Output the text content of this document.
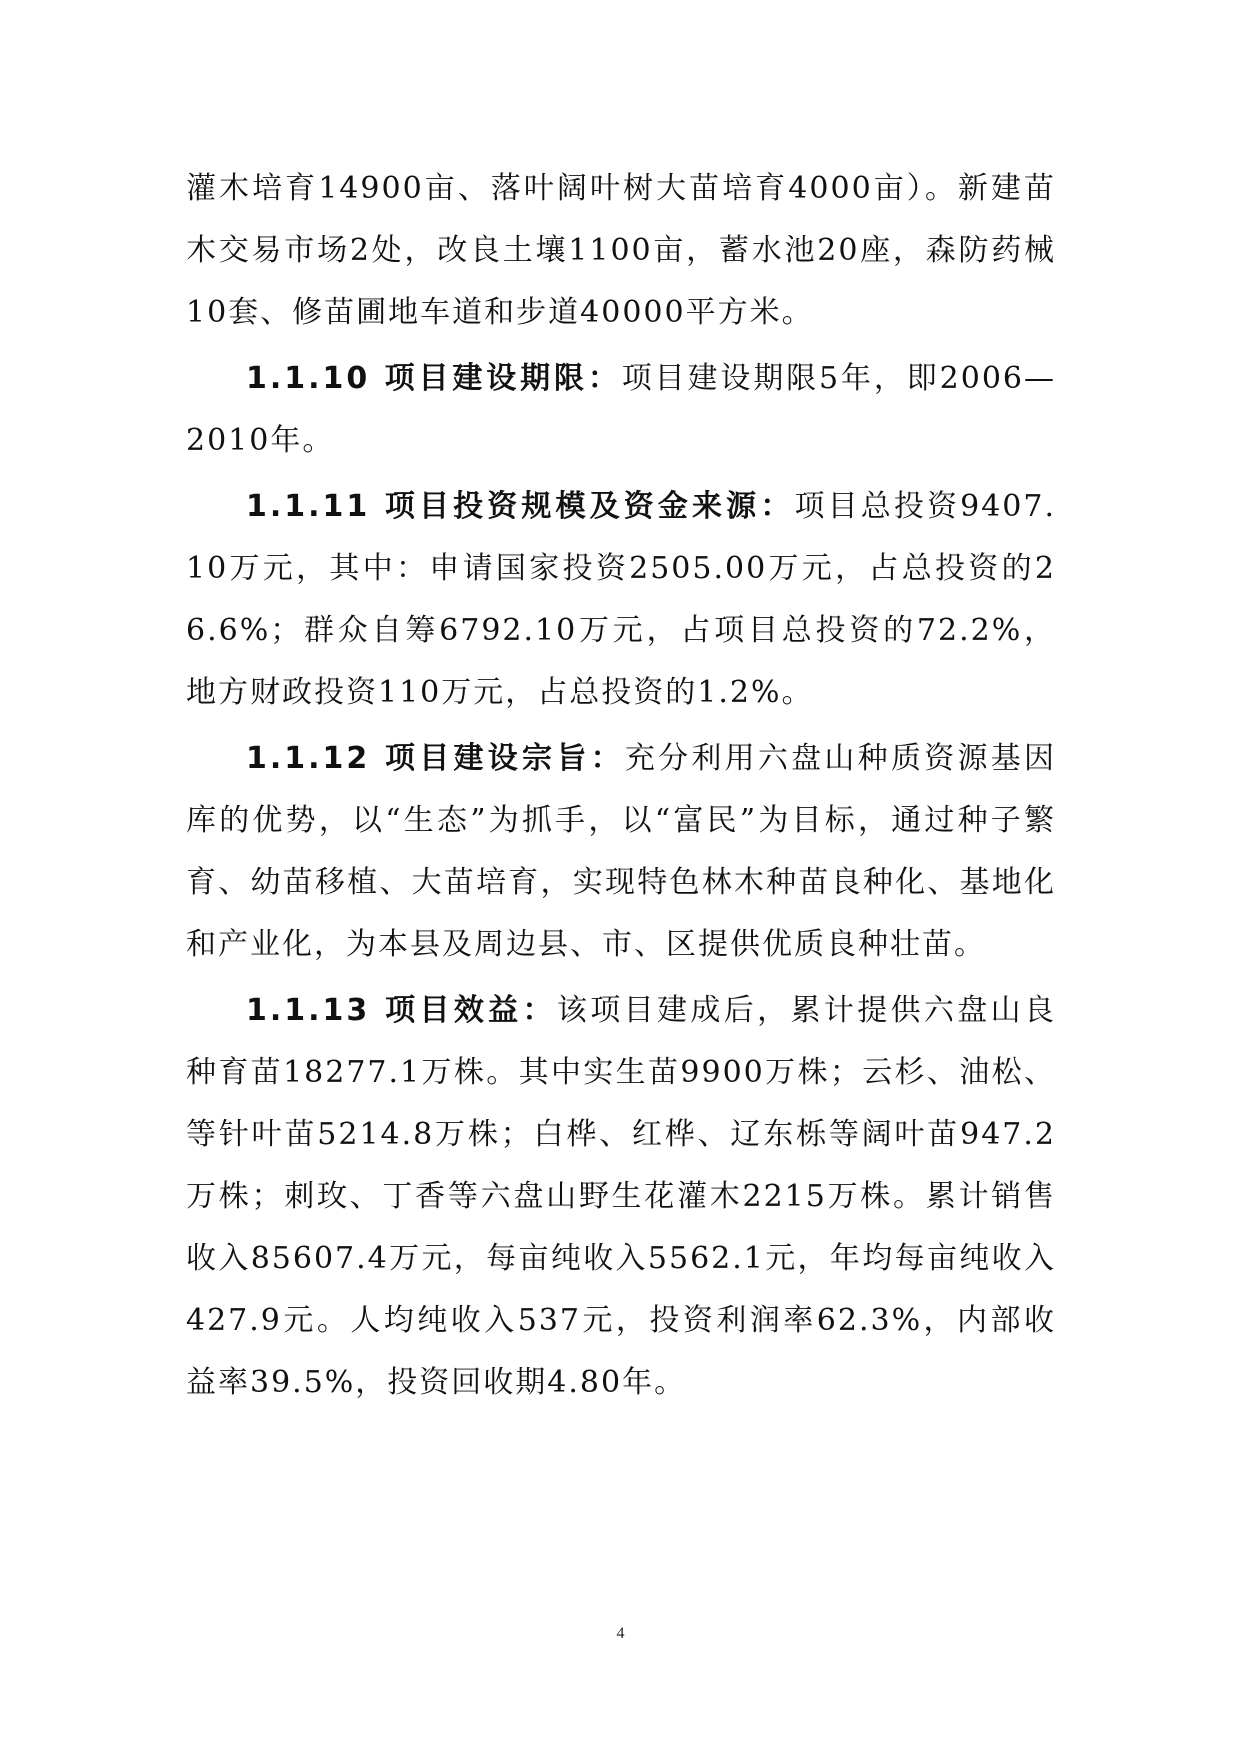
灌木培育14900亩、落叶阔叶树大苗培育4000亩）。新建苗木交易市场2处，改良土壤1100亩，蓄水池20座，森防药械10套、修苗圃地车道和步道40000平方米。

1.1.10 项目建设期限：项目建设期限5年，即2006—2010年。

1.1.11 项目投资规模及资金来源：项目总投资9407.10万元，其中：申请国家投资2505.00万元，占总投资的26.6%；群众自筹6792.10万元，占项目总投资的72.2%，地方财政投资110万元，占总投资的1.2%。

1.1.12 项目建设宗旨：充分利用六盘山种质资源基因库的优势，以“生态”为抓手，以“富民”为目标，通过种子繁育、幼苗移植、大苗培育，实现特色林木种苗良种化、基地化和产业化，为本县及周边县、市、区提供优质良种壮苗。

1.1.13 项目效益：该项目建成后，累计提供六盘山良种育苗18277.1万株。其中实生苗9900万株；云杉、油松、等针叶苗5214.8万株；白桦、红桦、辽东栎等阔叶苗947.2万株；刺玫、丁香等六盘山野生花灌木2215万株。累计销售收入85607.4万元，每亩纯收入5562.1元，年均每亩纯收入427.9元。人均纯收入537元，投资利润率62.3%，内部收益率39.5%，投资回收期4.80年。

4
